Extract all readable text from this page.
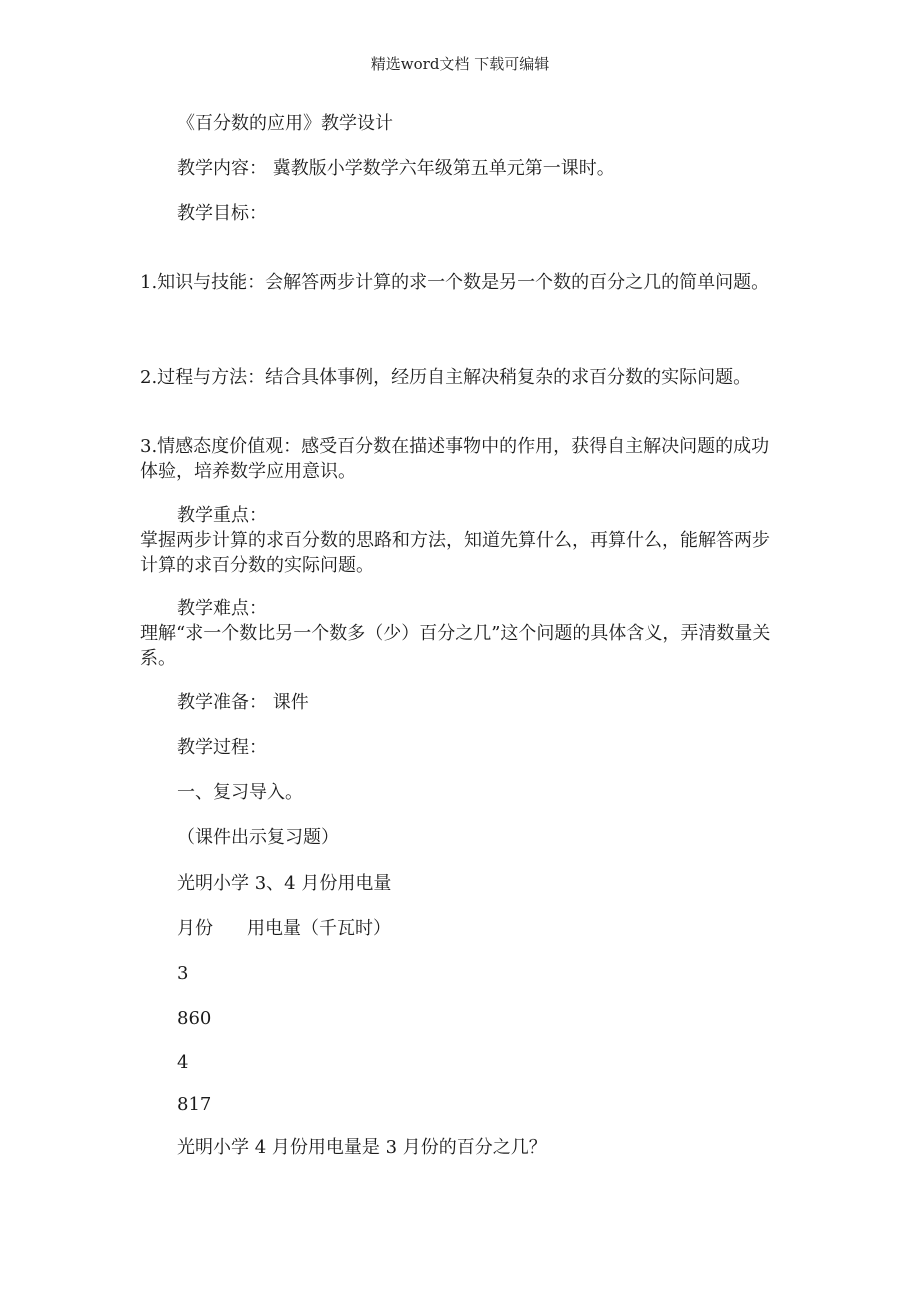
精选word文档 下载可编辑
《百分数的应用》教学设计
教学内容： 冀教版小学数学六年级第五单元第一课时。
教学目标：
1.知识与技能：会解答两步计算的求一个数是另一个数的百分之几的简单问题。
2.过程与方法：结合具体事例，经历自主解决稍复杂的求百分数的实际问题。
3.情感态度价值观：感受百分数在描述事物中的作用，获得自主解决问题的成功体验，培养数学应用意识。
教学重点：
掌握两步计算的求百分数的思路和方法，知道先算什么，再算什么，能解答两步计算的求百分数的实际问题。
教学难点：
理解“求一个数比另一个数多（少）百分之几”这个问题的具体含义，弄清数量关系。
教学准备： 课件
教学过程：
一、复习导入。
（课件出示复习题）
光明小学 3、4 月份用电量
月份 用电量（千瓦时）
3
860
4
817
光明小学 4 月份用电量是 3 月份的百分之几？
